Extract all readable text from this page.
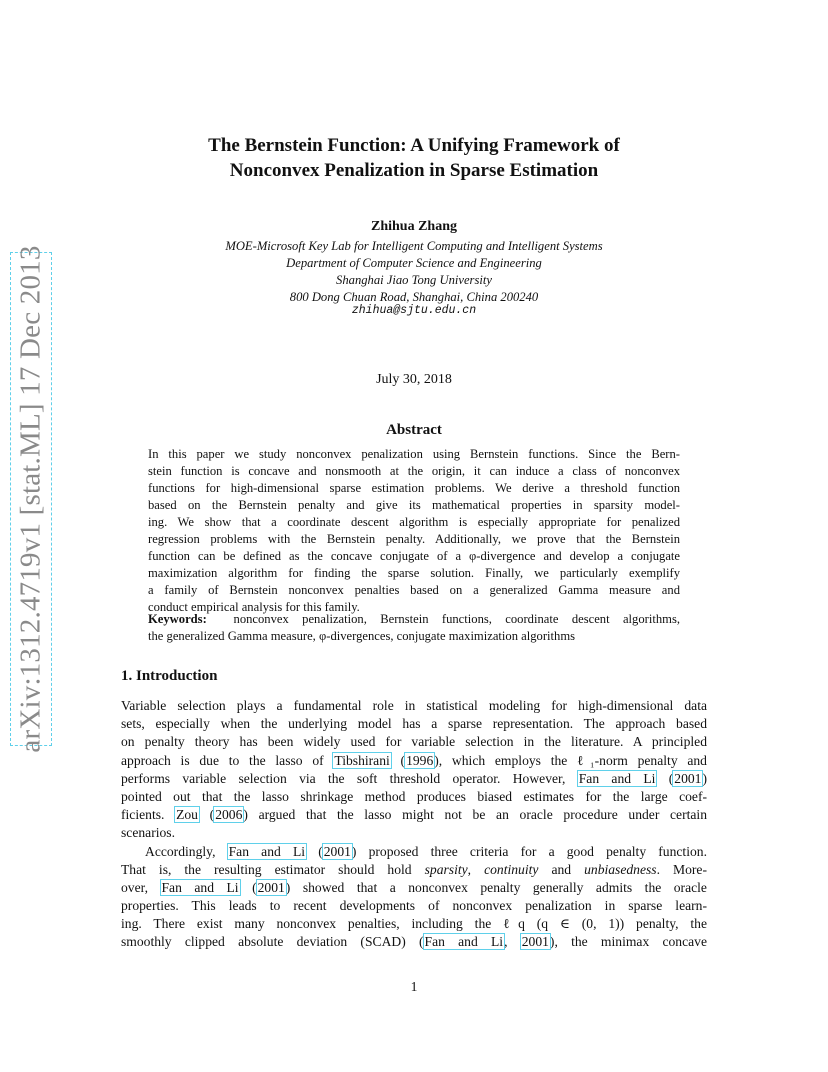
arXiv:1312.4719v1 [stat.ML] 17 Dec 2013
The Bernstein Function: A Unifying Framework of
Nonconvex Penalization in Sparse Estimation
Zhihua Zhang
MOE-Microsoft Key Lab for Intelligent Computing and Intelligent Systems
Department of Computer Science and Engineering
Shanghai Jiao Tong University
800 Dong Chuan Road, Shanghai, China 200240
zhihua@sjtu.edu.cn
July 30, 2018
Abstract
In this paper we study nonconvex penalization using Bernstein functions. Since the Bern-
stein function is concave and nonsmooth at the origin, it can induce a class of nonconvex
functions for high-dimensional sparse estimation problems. We derive a threshold function
based on the Bernstein penalty and give its mathematical properties in sparsity model-
ing. We show that a coordinate descent algorithm is especially appropriate for penalized
regression problems with the Bernstein penalty. Additionally, we prove that the Bernstein
function can be defined as the concave conjugate of a φ-divergence and develop a conjugate
maximization algorithm for finding the sparse solution. Finally, we particularly exemplify
a family of Bernstein nonconvex penalties based on a generalized Gamma measure and
conduct empirical analysis for this family.
Keywords: nonconvex penalization, Bernstein functions, coordinate descent algorithms,
the generalized Gamma measure, φ-divergences, conjugate maximization algorithms
1. Introduction
Variable selection plays a fundamental role in statistical modeling for high-dimensional data
sets, especially when the underlying model has a sparse representation. The approach based
on penalty theory has been widely used for variable selection in the literature. A principled
approach is due to the lasso of Tibshirani (1996), which employs the ℓ₁-norm penalty and
performs variable selection via the soft threshold operator. However, Fan and Li (2001)
pointed out that the lasso shrinkage method produces biased estimates for the large coef-
ficients. Zou (2006) argued that the lasso might not be an oracle procedure under certain
scenarios.
Accordingly, Fan and Li (2001) proposed three criteria for a good penalty function.
That is, the resulting estimator should hold sparsity, continuity and unbiasedness. More-
over, Fan and Li (2001) showed that a nonconvex penalty generally admits the oracle
properties. This leads to recent developments of nonconvex penalization in sparse learn-
ing. There exist many nonconvex penalties, including the ℓq (q ∈ (0, 1)) penalty, the
smoothly clipped absolute deviation (SCAD) (Fan and Li, 2001), the minimax concave
1
